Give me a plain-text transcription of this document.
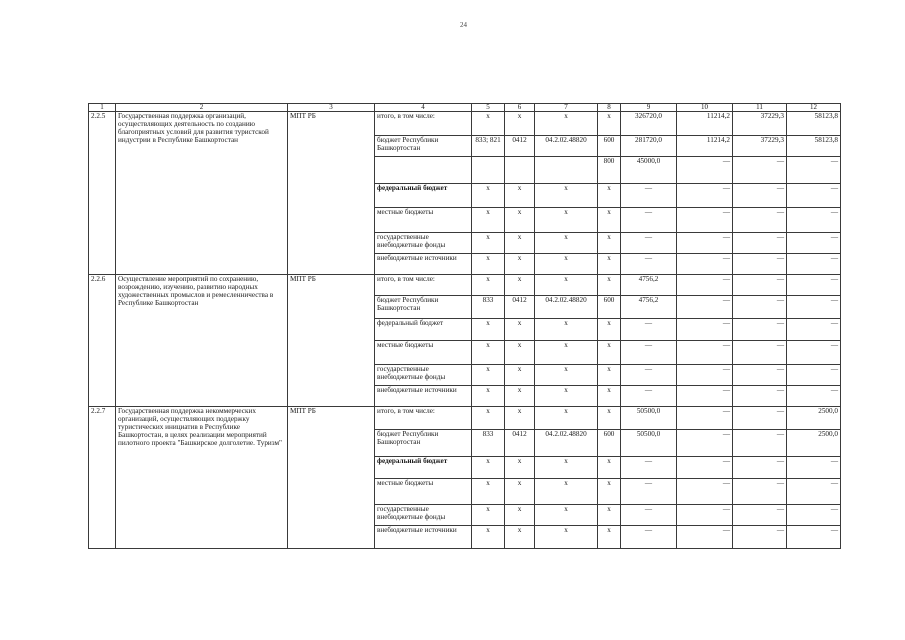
24
1	2	3	4	5	6	7	8	9	10	11	12
2.2.5	Государственная поддержка организаций, осуществляющих деятельность по созданию благоприятных условий для развития туристской индустрии в Республике Башкортостан	МПТ РБ	итого, в том числе:	х	х	х	х	326720,0	11214,2	37229,3	58123,8
			бюджет Республики Башкортостан	833; 821	0412	04.2.02.48820	600	281720,0	11214,2	37229,3	58123,8
							800	45000,0	—	—	—
			федеральный бюджет	х	х	х	х	—	—	—	—
			местные бюджеты	х	х	х	х	—	—	—	—
			государственные внебюджетные фонды	х	х	х	х	—	—	—	—
			внебюджетные источники	х	х	х	х	—	—	—	—
2.2.6	Осуществление мероприятий по сохранению, возрождению, изучению, развитию народных художественных промыслов и ремесленничества в Республике Башкортостан	МПТ РБ	итого, в том числе:	х	х	х	х	4756,2	—	—	—
			бюджет Республики Башкортостан	833	0412	04.2.02.48820	600	4756,2	—	—	—
			федеральный бюджет	х	х	х	х	—	—	—	—
			местные бюджеты	х	х	х	х	—	—	—	—
			государственные внебюджетные фонды	х	х	х	х	—	—	—	—
			внебюджетные источники	х	х	х	х	—	—	—	—
2.2.7	Государственная поддержка некоммерческих организаций, осуществляющих поддержку туристических инициатив в Республике Башкортостан, в целях реализации мероприятий пилотного проекта "Башкирское долголетие. Туризм"	МПТ РБ	итого, в том числе:	х	х	х	х	50500,0	—	—	2500,0
			бюджет Республики Башкортостан	833	0412	04.2.02.48820	600	50500,0	—	—	2500,0
			федеральный бюджет	х	х	х	х	—	—	—	—
			местные бюджеты	х	х	х	х	—	—	—	—
			государственные внебюджетные фонды	х	х	х	х	—	—	—	—
			внебюджетные источники	х	х	х	х	—	—	—	—
